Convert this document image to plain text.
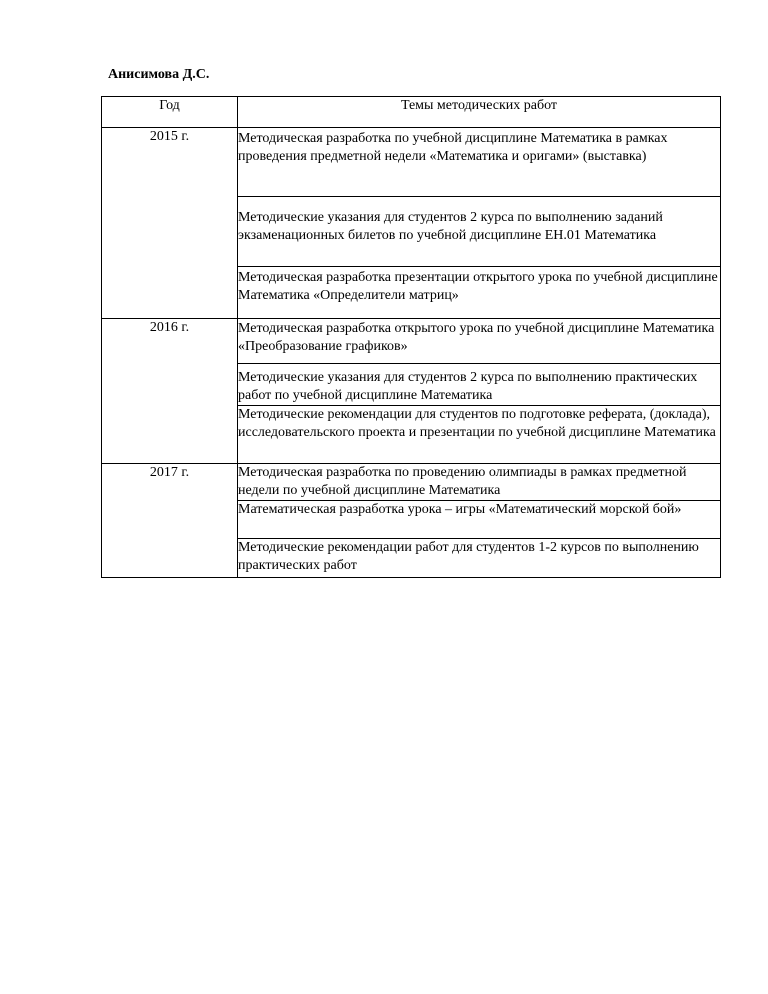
Анисимова Д.С.
Год	Темы методических работ
2015 г.	Методическая разработка по учебной дисциплине Математика в рамках проведения предметной недели «Математика и оригами» (выставка)
	Методические указания для студентов 2 курса по выполнению заданий экзаменационных билетов по учебной дисциплине ЕН.01 Математика
	Методическая разработка презентации открытого урока по учебной дисциплине Математика «Определители матриц»
2016 г.	Методическая разработка открытого урока по учебной дисциплине Математика «Преобразование графиков»
	Методические указания для студентов 2 курса по выполнению практических работ по учебной дисциплине Математика
	Методические рекомендации для студентов по подготовке реферата, (доклада), исследовательского проекта и презентации по учебной дисциплине Математика
2017 г.	Методическая разработка по проведению олимпиады в рамках предметной недели по учебной дисциплине Математика
	Математическая разработка урока – игры «Математический морской бой»
	Методические рекомендации работ для студентов 1-2 курсов по выполнению практических работ
